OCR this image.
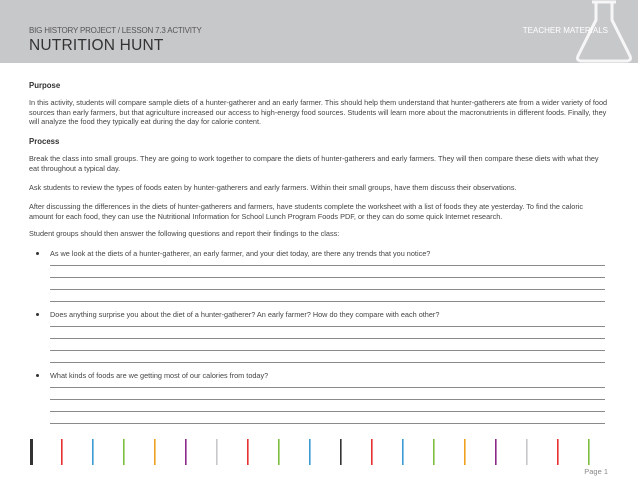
BIG HISTORY PROJECT / LESSON 7.3 ACTIVITY
NUTRITION HUNT
TEACHER MATERIALS

Purpose

In this activity, students will compare sample diets of a hunter-gatherer and an early farmer. This should help them understand that hunter-gatherers ate from a wider variety of food sources than early farmers, but that agriculture increased our access to high-energy food sources. Students will learn more about the macronutrients in different foods. Finally, they will analyze the food they typically eat during the day for calorie content.

Process

Break the class into small groups. They are going to work together to compare the diets of hunter-gatherers and early farmers. They will then compare these diets with what they eat throughout a typical day.

Ask students to review the types of foods eaten by hunter-gatherers and early farmers. Within their small groups, have them discuss their observations.

After discussing the differences in the diets of hunter-gatherers and farmers, have students complete the worksheet with a list of foods they ate yesterday. To find the caloric amount for each food, they can use the Nutritional Information for School Lunch Program Foods PDF, or they can do some quick Internet research.

Student groups should then answer the following questions and report their findings to the class:

As we look at the diets of a hunter-gatherer, an early farmer, and your diet today, are there any trends that you notice?
Does anything surprise you about the diet of a hunter-gatherer? An early farmer? How do they compare with each other?
What kinds of foods are we getting most of our calories from today?
Page 1
